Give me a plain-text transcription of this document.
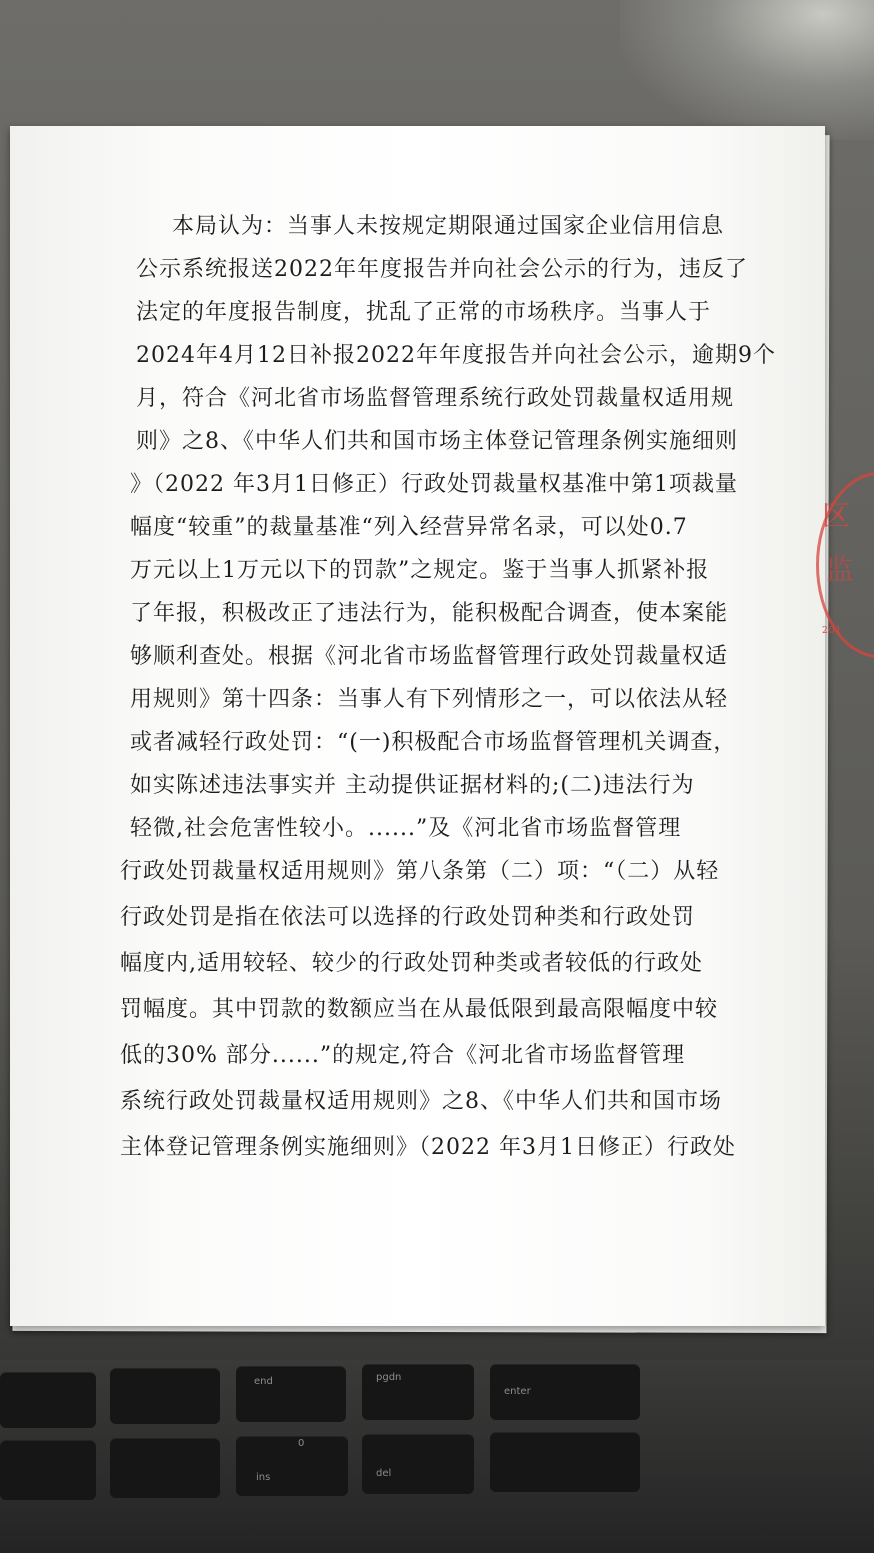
区
监
201
本局认为：当事人未按规定期限通过国家企业信用信息
公示系统报送2022年年度报告并向社会公示的行为，违反了
法定的年度报告制度，扰乱了正常的市场秩序。当事人于
2024年4月12日补报2022年年度报告并向社会公示，逾期9个
月，符合《河北省市场监督管理系统行政处罚裁量权适用规
则》之8、《中华人们共和国市场主体登记管理条例实施细则
》（2022 年3月1日修正）行政处罚裁量权基准中第1项裁量
幅度“较重”的裁量基准“列入经营异常名录，可以处0.7
万元以上1万元以下的罚款”之规定。鉴于当事人抓紧补报
了年报，积极改正了违法行为，能积极配合调查，使本案能
够顺利查处。根据《河北省市场监督管理行政处罚裁量权适
用规则》第十四条：当事人有下列情形之一，可以依法从轻
或者减轻行政处罚：“(一)积极配合市场监督管理机关调查，
如实陈述违法事实并 主动提供证据材料的;(二)违法行为
轻微,社会危害性较小。......”及《河北省市场监督管理
行政处罚裁量权适用规则》第八条第（二）项：“（二）从轻
行政处罚是指在依法可以选择的行政处罚种类和行政处罚
幅度内,适用较轻、较少的行政处罚种类或者较低的行政处
罚幅度。其中罚款的数额应当在从最低限到最高限幅度中较
低的30% 部分......”的规定,符合《河北省市场监督管理
系统行政处罚裁量权适用规则》之8、《中华人们共和国市场
主体登记管理条例实施细则》（2022 年3月1日修正）行政处
end	pgdn
enter
ins
0
del
